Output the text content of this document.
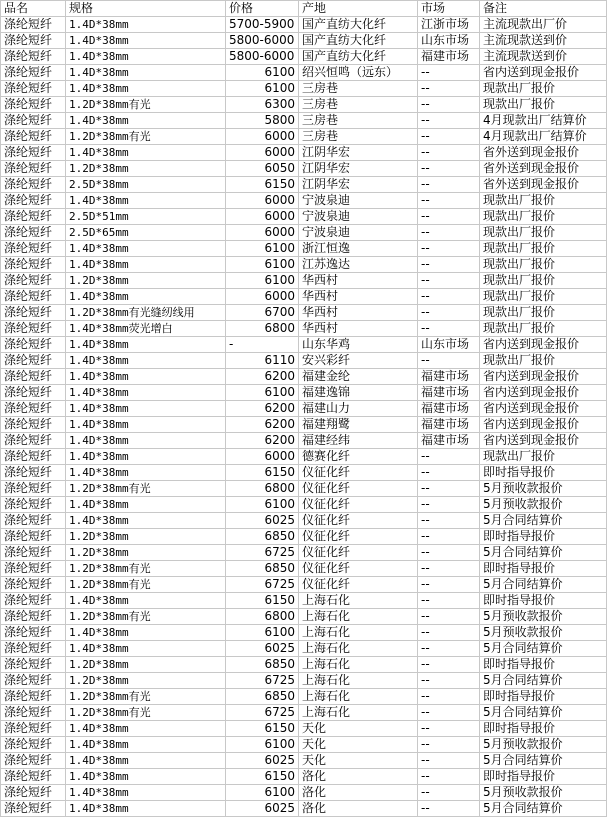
品名	规格	价格	产地	市场	备注
涤纶短纤	1.4D*38mm	5700-5900	国产直纺大化纤	江浙市场	主流现款出厂价
涤纶短纤	1.4D*38mm	5800-6000	国产直纺大化纤	山东市场	主流现款送到价
涤纶短纤	1.4D*38mm	5800-6000	国产直纺大化纤	福建市场	主流现款送到价
涤纶短纤	1.4D*38mm	6100	绍兴恒鸣（远东）	--	省内送到现金报价
涤纶短纤	1.4D*38mm	6100	三房巷	--	现款出厂报价
涤纶短纤	1.2D*38mm有光	6300	三房巷	--	现款出厂报价
涤纶短纤	1.4D*38mm	5800	三房巷	--	4月现款出厂结算价
涤纶短纤	1.2D*38mm有光	6000	三房巷	--	4月现款出厂结算价
涤纶短纤	1.4D*38mm	6000	江阴华宏	--	省外送到现金报价
涤纶短纤	1.2D*38mm	6050	江阴华宏	--	省外送到现金报价
涤纶短纤	2.5D*38mm	6150	江阴华宏	--	省外送到现金报价
涤纶短纤	1.4D*38mm	6000	宁波泉迪	--	现款出厂报价
涤纶短纤	2.5D*51mm	6000	宁波泉迪	--	现款出厂报价
涤纶短纤	2.5D*65mm	6000	宁波泉迪	--	现款出厂报价
涤纶短纤	1.4D*38mm	6100	浙江恒逸	--	现款出厂报价
涤纶短纤	1.4D*38mm	6100	江苏逸达	--	现款出厂报价
涤纶短纤	1.2D*38mm	6100	华西村	--	现款出厂报价
涤纶短纤	1.4D*38mm	6000	华西村	--	现款出厂报价
涤纶短纤	1.2D*38mm有光缝纫线用	6700	华西村	--	现款出厂报价
涤纶短纤	1.4D*38mm荧光增白	6800	华西村	--	现款出厂报价
涤纶短纤	1.4D*38mm	-	山东华鸡	山东市场	省内送到现金报价
涤纶短纤	1.4D*38mm	6110	安兴彩纤	--	现款出厂报价
涤纶短纤	1.4D*38mm	6200	福建金纶	福建市场	省内送到现金报价
涤纶短纤	1.4D*38mm	6100	福建逸锦	福建市场	省内送到现金报价
涤纶短纤	1.4D*38mm	6200	福建山力	福建市场	省内送到现金报价
涤纶短纤	1.4D*38mm	6200	福建翔鹭	福建市场	省内送到现金报价
涤纶短纤	1.4D*38mm	6200	福建经纬	福建市场	省内送到现金报价
涤纶短纤	1.4D*38mm	6000	德赛化纤	--	现款出厂报价
涤纶短纤	1.4D*38mm	6150	仪征化纤	--	即时指导报价
涤纶短纤	1.2D*38mm有光	6800	仪征化纤	--	5月预收款报价
涤纶短纤	1.4D*38mm	6100	仪征化纤	--	5月预收款报价
涤纶短纤	1.4D*38mm	6025	仪征化纤	--	5月合同结算价
涤纶短纤	1.2D*38mm	6850	仪征化纤	--	即时指导报价
涤纶短纤	1.2D*38mm	6725	仪征化纤	--	5月合同结算价
涤纶短纤	1.2D*38mm有光	6850	仪征化纤	--	即时指导报价
涤纶短纤	1.2D*38mm有光	6725	仪征化纤	--	5月合同结算价
涤纶短纤	1.4D*38mm	6150	上海石化	--	即时指导报价
涤纶短纤	1.2D*38mm有光	6800	上海石化	--	5月预收款报价
涤纶短纤	1.4D*38mm	6100	上海石化	--	5月预收款报价
涤纶短纤	1.4D*38mm	6025	上海石化	--	5月合同结算价
涤纶短纤	1.2D*38mm	6850	上海石化	--	即时指导报价
涤纶短纤	1.2D*38mm	6725	上海石化	--	5月合同结算价
涤纶短纤	1.2D*38mm有光	6850	上海石化	--	即时指导报价
涤纶短纤	1.2D*38mm有光	6725	上海石化	--	5月合同结算价
涤纶短纤	1.4D*38mm	6150	天化	--	即时指导报价
涤纶短纤	1.4D*38mm	6100	天化	--	5月预收款报价
涤纶短纤	1.4D*38mm	6025	天化	--	5月合同结算价
涤纶短纤	1.4D*38mm	6150	洛化	--	即时指导报价
涤纶短纤	1.4D*38mm	6100	洛化	--	5月预收款报价
涤纶短纤	1.4D*38mm	6025	洛化	--	5月合同结算价
